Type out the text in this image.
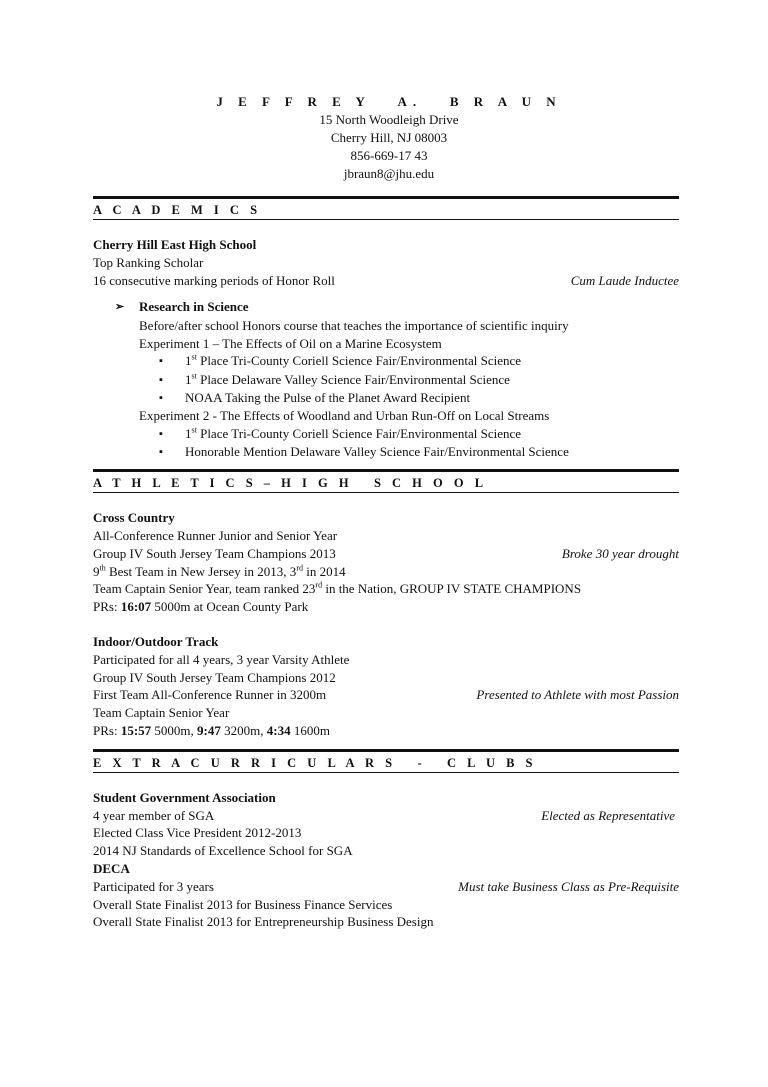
J E F F R E Y   A.   B R A U N
15 North Woodleigh Drive
Cherry Hill, NJ 08003
856-669-17 43
jbraun8@jhu.edu
A C A D E M I C S
Cherry Hill East High School
Top Ranking Scholar
16 consecutive marking periods of Honor Roll	Cum Laude Inductee
➢ Research in Science
Before/after school Honors course that teaches the importance of scientific inquiry
Experiment 1 – The Effects of Oil on a Marine Ecosystem
▪ 1st Place Tri-County Coriell Science Fair/Environmental Science
▪ 1st Place Delaware Valley Science Fair/Environmental Science
▪ NOAA Taking the Pulse of the Planet Award Recipient
Experiment 2 - The Effects of Woodland and Urban Run-Off on Local Streams
▪ 1st Place Tri-County Coriell Science Fair/Environmental Science
▪ Honorable Mention Delaware Valley Science Fair/Environmental Science
A T H L E T I C S – H I G H   S C H O O L
Cross Country
All-Conference Runner Junior and Senior Year
Group IV South Jersey Team Champions 2013	Broke 30 year drought
9th Best Team in New Jersey in 2013, 3rd in 2014
Team Captain Senior Year, team ranked 23rd in the Nation, GROUP IV STATE CHAMPIONS
PRs: 16:07 5000m at Ocean County Park
Indoor/Outdoor Track
Participated for all 4 years, 3 year Varsity Athlete
Group IV South Jersey Team Champions 2012
First Team All-Conference Runner in 3200m	Presented to Athlete with most Passion
Team Captain Senior Year
PRs: 15:57 5000m, 9:47 3200m, 4:34 1600m
E X T R A C U R R I C U L A R S   -   C L U B S
Student Government Association
4 year member of SGA	Elected as Representative
Elected Class Vice President 2012-2013
2014 NJ Standards of Excellence School for SGA
DECA
Participated for 3 years	Must take Business Class as Pre-Requisite
Overall State Finalist 2013 for Business Finance Services
Overall State Finalist 2013 for Entrepreneurship Business Design
